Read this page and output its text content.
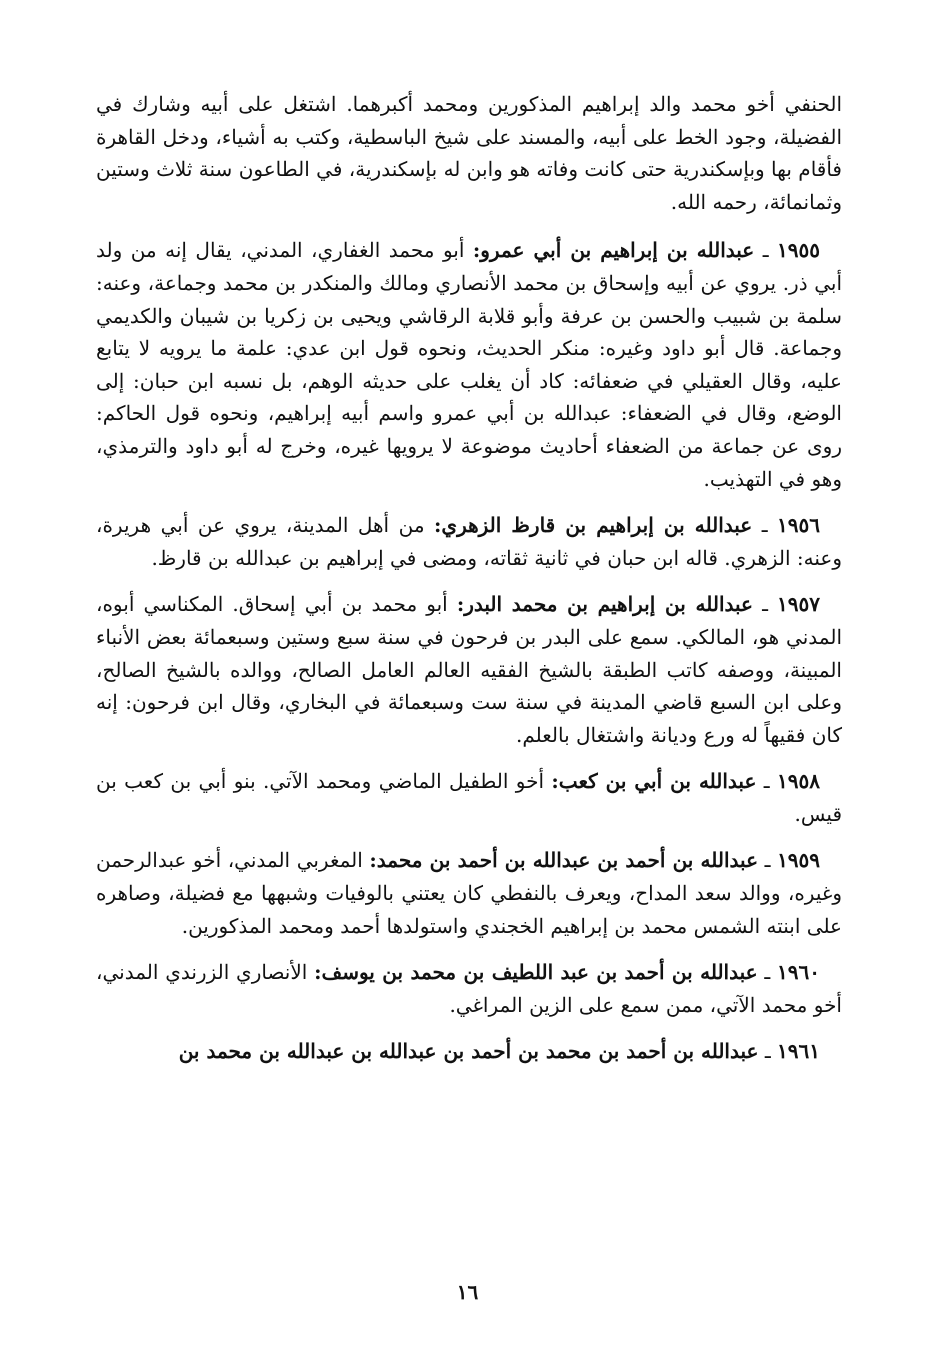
الحنفي أخو محمد والد إبراهيم المذكورين ومحمد أكبرهما. اشتغل على أبيه وشارك في الفضيلة، وجود الخط على أبيه، والمسند على شيخ الباسطية، وكتب به أشياء، ودخل القاهرة فأقام بها وبإسكندرية حتى كانت وفاته هو وابن له بإسكندرية، في الطاعون سنة ثلاث وستين وثمانمائة، رحمه الله.

١٩٥٥ ـ عبدالله بن إبراهيم بن أبي عمرو: أبو محمد الغفاري، المدني، يقال إنه من ولد أبي ذر. يروي عن أبيه وإسحاق بن محمد الأنصاري ومالك والمنكدر بن محمد وجماعة، وعنه: سلمة بن شبيب والحسن بن عرفة وأبو قلابة الرقاشي ويحيى بن زكريا بن شيبان والكديمي وجماعة. قال أبو داود وغيره: منكر الحديث، ونحوه قول ابن عدي: علمة ما يرويه لا يتابع عليه، وقال العقيلي في ضعفائه: كاد أن يغلب على حديثه الوهم، بل نسبه ابن حبان: إلى الوضع، وقال في الضعفاء: عبدالله بن أبي عمرو واسم أبيه إبراهيم، ونحوه قول الحاكم: روى عن جماعة من الضعفاء أحاديث موضوعة لا يرويها غيره، وخرج له أبو داود والترمذي، وهو في التهذيب.

١٩٥٦ ـ عبدالله بن إبراهيم بن قارظ الزهري: من أهل المدينة، يروي عن أبي هريرة، وعنه: الزهري. قاله ابن حبان في ثانية ثقاته، ومضى في إبراهيم بن عبدالله بن قارظ.

١٩٥٧ ـ عبدالله بن إبراهيم بن محمد البدر: أبو محمد بن أبي إسحاق. المكناسي أبوه، المدني هو، المالكي. سمع على البدر بن فرحون في سنة سبع وستين وسبعمائة بعض الأنباء المبينة، ووصفه كاتب الطبقة بالشيخ الفقيه العالم العامل الصالح، ووالده بالشيخ الصالح، وعلى ابن السبع قاضي المدينة في سنة ست وسبعمائة في البخاري، وقال ابن فرحون: إنه كان فقيهاً له ورع وديانة واشتغال بالعلم.

١٩٥٨ ـ عبدالله بن أبي بن كعب: أخو الطفيل الماضي ومحمد الآتي. بنو أبي بن كعب بن قيس.

١٩٥٩ ـ عبدالله بن أحمد بن عبدالله بن أحمد بن محمد: المغربي المدني، أخو عبدالرحمن وغيره، ووالد سعد المداح، ويعرف بالنفطي كان يعتني بالوفيات وشبهها مع فضيلة، وصاهره على ابنته الشمس محمد بن إبراهيم الخجندي واستولدها أحمد ومحمد المذكورين.

١٩٦٠ ـ عبدالله بن أحمد بن عبد اللطيف بن محمد بن يوسف: الأنصاري الزرندي المدني، أخو محمد الآتي، ممن سمع على الزين المراغي.

١٩٦١ ـ عبدالله بن أحمد بن محمد بن أحمد بن عبدالله بن عبدالله بن محمد بن

١٦
